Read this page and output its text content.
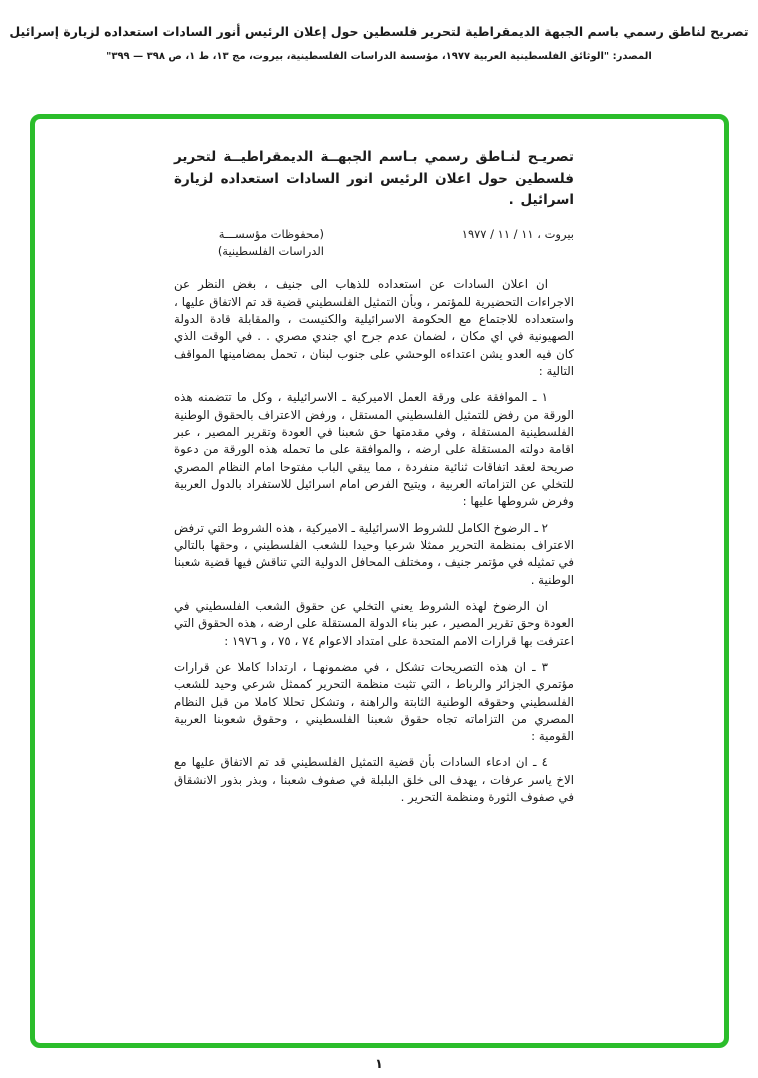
تصريح لناطق رسمي باسم الجبهة الديمقراطية لتحرير فلسطين حول إعلان الرئيس أنور السادات استعداده لزيارة إسرائيل
المصدر: "الوثائق الفلسطينية العربية ١٩٧٧، مؤسسة الدراسات الفلسطينية، بيروت، مج ١٣، ط ١، ص ٣٩٨ — ٣٩٩"
تصريـح لنـاطق رسمي بـاسم الجبهــة الديمقراطيــة لتحرير فلسطين حول اعلان الرئيس انور السادات استعداده لزيارة اسرائيل .
بيروت ، ١١ / ١١ / ١٩٧٧
(محفوظات مؤسســـة الدراسات الفلسطينية)

ان اعلان السادات عن استعداده للذهاب الى جنيف ، بغض النظر عن الاجراءات التحضيرية للمؤتمر ، وبأن التمثيل الفلسطيني قضية قد تم الاتفاق عليها ، واستعداده للاجتماع مع الحكومة الاسرائيلية والكنيست ، والمقابلة قادة الدولة الصهيونية في اي مكان ، لضمان عدم جرح اي جندي مصري . . في الوقت الذي كان فيه العدو يشن اعتداءه الوحشي على جنوب لبنان ، تحمل بمضامينها المواقف التالية :

١ ـ الموافقة على ورقة العمل الاميركية ـ الاسرائيلية ، وكل ما تتضمنه هذه الورقة من رفض للتمثيل الفلسطيني المستقل ، ورفض الاعتراف بالحقوق الوطنية الفلسطينية المستقلة ، وفي مقدمتها حق شعبنا في العودة وتقرير المصير ، عبر اقامة دولته المستقلة على ارضه ، والموافقة على ما تحمله هذه الورقة من دعوة صريحة لعقد اتفاقات ثنائية منفردة ، مما يبقي الباب مفتوحا امام النظام المصري للتخلي عن التزاماته العربية ، ويتيح الفرص امام اسرائيل للاستفراد بالدول العربية وفرض شروطها عليها :

٢ ـ الرضوخ الكامل للشروط الاسرائيلية ـ الاميركية ، هذه الشروط التي ترفض الاعتراف بمنظمة التحرير ممثلا شرعيا وحيدا للشعب الفلسطيني ، وحقها بالتالي في تمثيله في مؤتمر جنيف ، ومختلف المحافل الدولية التي تناقش فيها قضية شعبنا الوطنية .

ان الرضوخ لهذه الشروط يعني التخلي عن حقوق الشعب الفلسطيني في العودة وحق تقرير المصير ، عبر بناء الدولة المستقلة على ارضه ، هذه الحقوق التي اعترفت بها قرارات الامم المتحدة على امتداد الاعوام ٧٤ ، ٧٥ ، و ١٩٧٦ :

٣ ـ ان هذه التصريحات تشكل ، في مضمونهـا ، ارتدادا كاملا عن قرارات مؤتمري الجزائر والرباط ، التي تثبت منظمة التحرير كممثل شرعي وحيد للشعب الفلسطيني وحقوقه الوطنية الثابتة والراهنة ، وتشكل تحللا كاملا من قبل النظام المصري من التزاماته تجاه حقوق شعبنا الفلسطيني ، وحقوق شعوبنا العربية القومية :

٤ ـ ان ادعاء السادات بأن قضية التمثيل الفلسطيني قد تم الاتفاق عليها مع الاخ ياسر عرفات ، يهدف الى خلق البلبلة في صفوف شعبنا ، وبذر بذور الانشقاق في صفوف الثورة ومنظمة التحرير .

١
